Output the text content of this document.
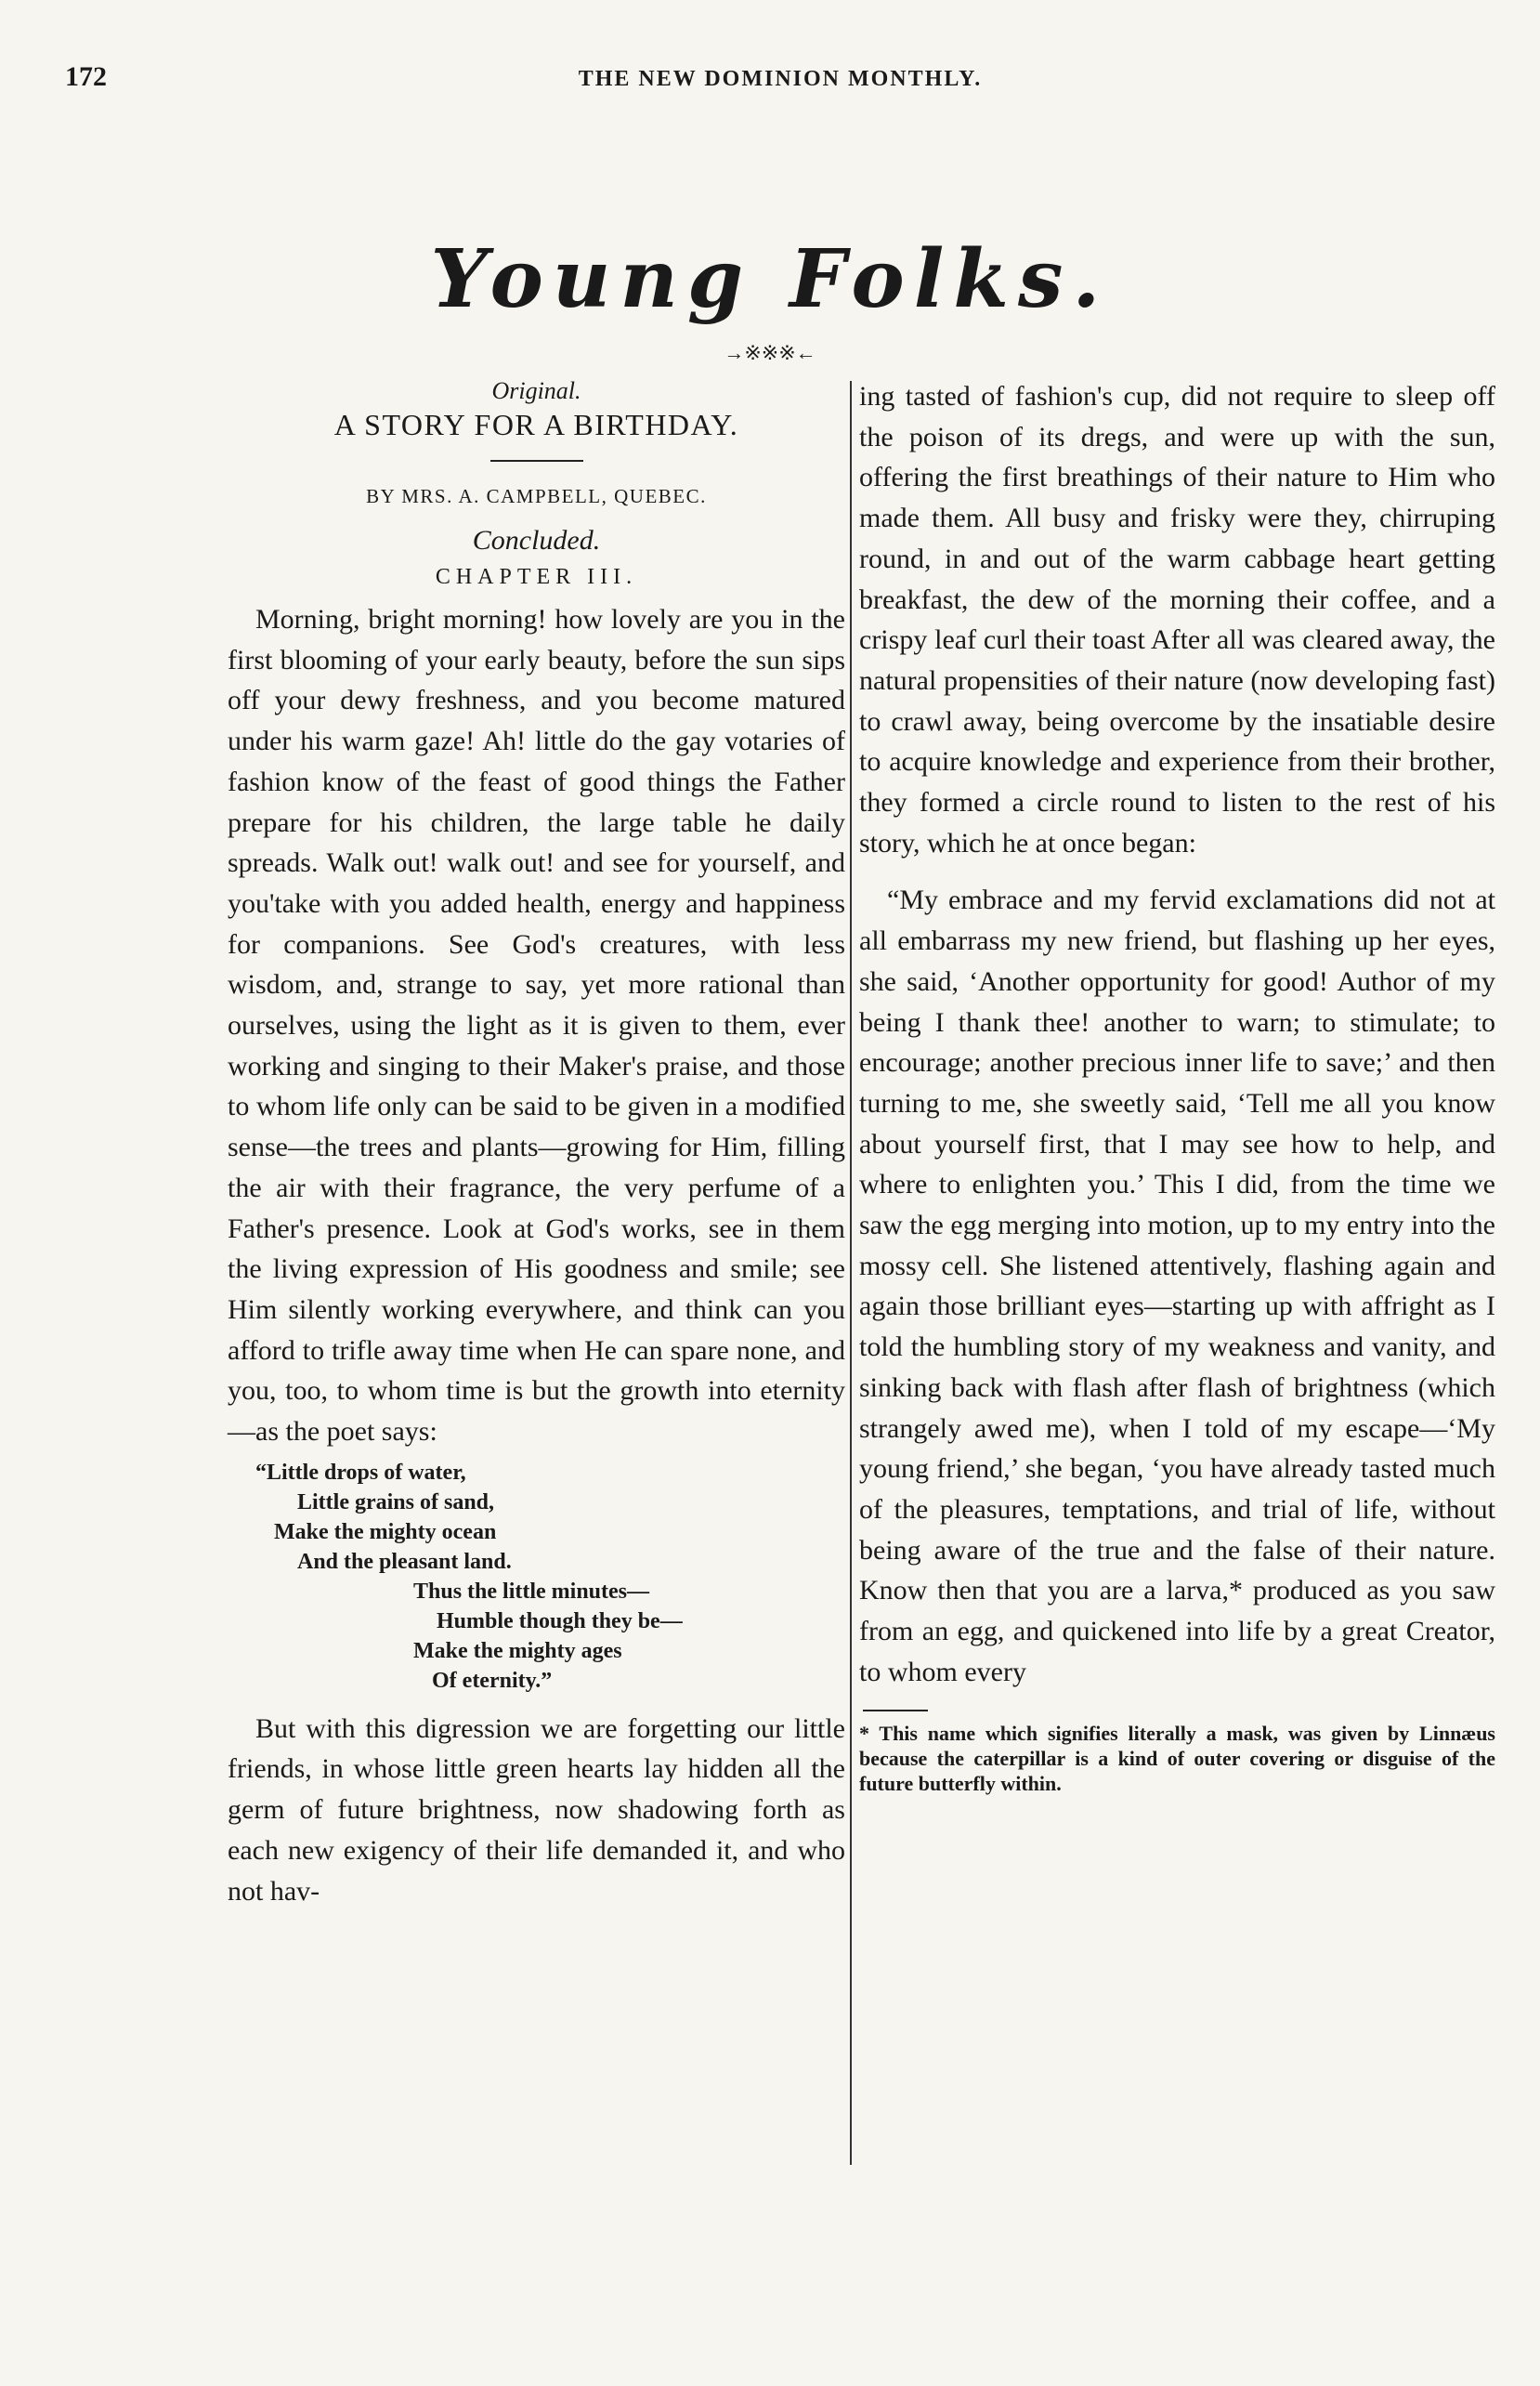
172	THE NEW DOMINION MONTHLY.
Young Folks.
→※※※←
Original.
A STORY FOR A BIRTHDAY.
BY MRS. A. CAMPBELL, QUEBEC.
Concluded.
CHAPTER III.

Morning, bright morning! how lovely are you in the first blooming of your early beauty, before the sun sips off your dewy freshness, and you become matured under his warm gaze! Ah! little do the gay votaries of fashion know of the feast of good things the Father prepare for his children, the large table he daily spreads. Walk out! walk out! and see for yourself, and you'take with you added health, energy and happiness for companions. See God's creatures, with less wisdom, and, strange to say, yet more rational than ourselves, using the light as it is given to them, ever working and singing to their Maker's praise, and those to whom life only can be said to be given in a modified sense—the trees and plants—growing for Him, filling the air with their fragrance, the very perfume of a Father's presence. Look at God's works, see in them the living expression of His goodness and smile; see Him silently working everywhere, and think can you afford to trifle away time when He can spare none, and you, too, to whom time is but the growth into eternity—as the poet says:

“Little drops of water,
Little grains of sand,
Make the mighty ocean
And the pleasant land.
Thus the little minutes—
Humble though they be—
Make the mighty ages
Of eternity.”

But with this digression we are forgetting our little friends, in whose little green hearts lay hidden all the germ of future brightness, now shadowing forth as each new exigency of their life demanded it, and who not hav-

ing tasted of fashion's cup, did not require to sleep off the poison of its dregs, and were up with the sun, offering the first breathings of their nature to Him who made them. All busy and frisky were they, chirruping round, in and out of the warm cabbage heart getting breakfast, the dew of the morning their coffee, and a crispy leaf curl their toast After all was cleared away, the natural propensities of their nature (now developing fast) to crawl away, being overcome by the insatiable desire to acquire knowledge and experience from their brother, they formed a circle round to listen to the rest of his story, which he at once began:

“My embrace and my fervid exclamations did not at all embarrass my new friend, but flashing up her eyes, she said, ‘Another opportunity for good! Author of my being I thank thee! another to warn; to stimulate; to encourage; another precious inner life to save;’ and then turning to me, she sweetly said, ‘Tell me all you know about yourself first, that I may see how to help, and where to enlighten you.’ This I did, from the time we saw the egg merging into motion, up to my entry into the mossy cell. She listened attentively, flashing again and again those brilliant eyes—starting up with affright as I told the humbling story of my weakness and vanity, and sinking back with flash after flash of brightness (which strangely awed me), when I told of my escape—‘My young friend,’ she began, ‘you have already tasted much of the pleasures, temptations, and trial of life, without being aware of the true and the false of their nature. Know then that you are a larva,* produced as you saw from an egg, and quickened into life by a great Creator, to whom every

* This name which signifies literally a mask, was given by Linnæus because the caterpillar is a kind of outer covering or disguise of the future butterfly within.
